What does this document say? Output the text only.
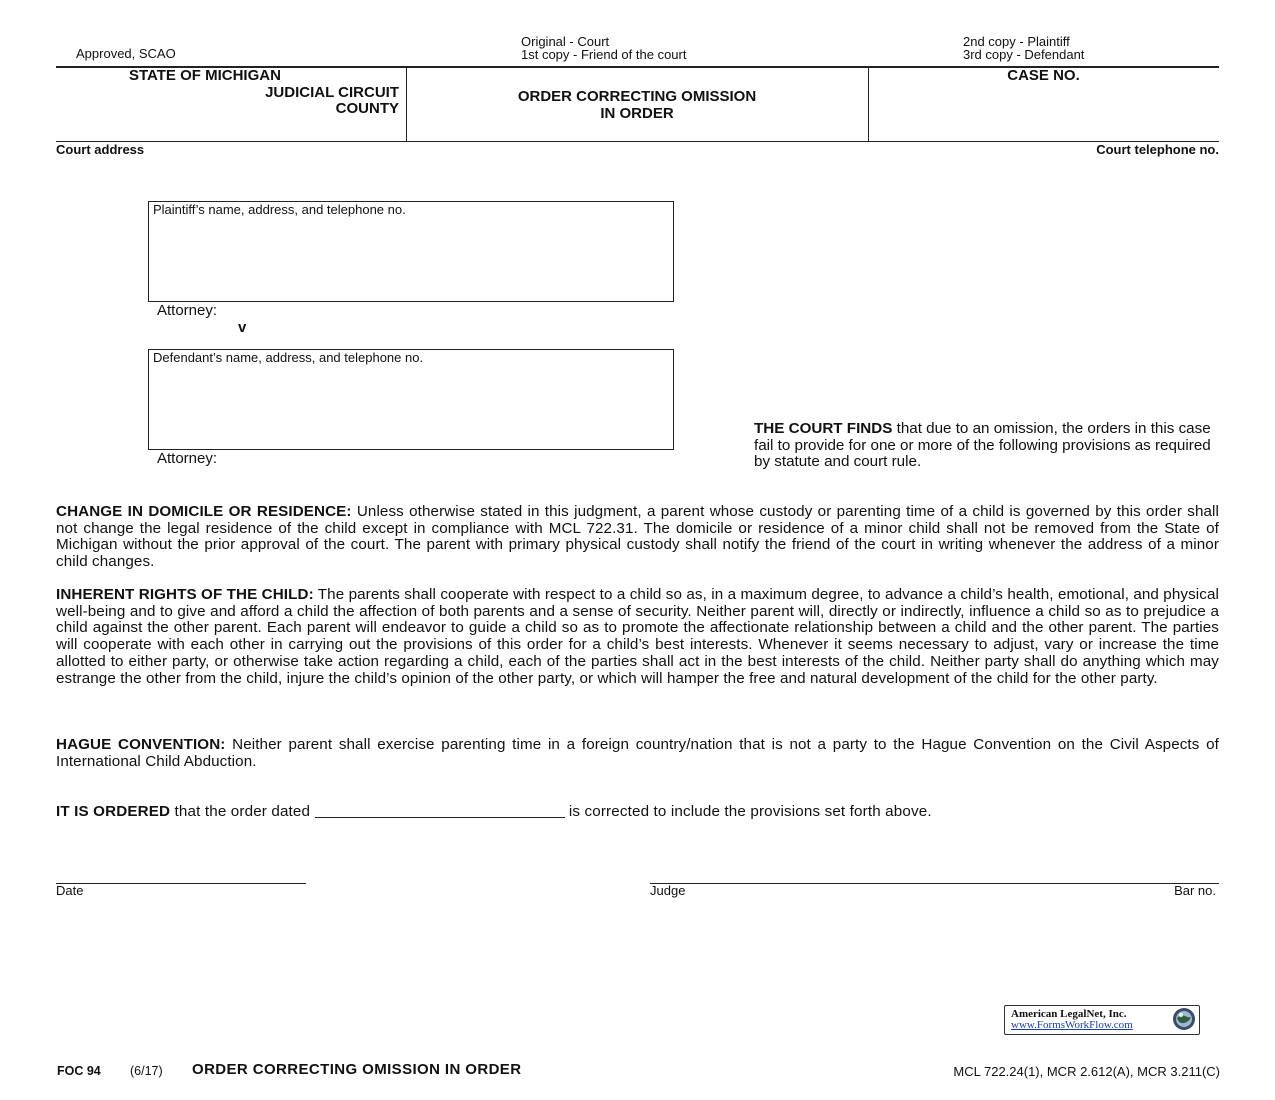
Approved, SCAO
Original - Court
1st copy - Friend of the court
2nd copy - Plaintiff
3rd copy - Defendant
STATE OF MICHIGAN
JUDICIAL CIRCUIT
COUNTY
ORDER CORRECTING OMISSION
IN ORDER
CASE NO.
Court address	Court telephone no.
Plaintiff’s name, address, and telephone no.
Attorney:
v
Defendant’s name, address, and telephone no.
Attorney:
THE COURT FINDS that due to an omission, the orders in this case fail to provide for one or more of the following provisions as required by statute and court rule.
CHANGE IN DOMICILE OR RESIDENCE: Unless otherwise stated in this judgment, a parent whose custody or parenting time of a child is governed by this order shall not change the legal residence of the child except in compliance with MCL 722.31. The domicile or residence of a minor child shall not be removed from the State of Michigan without the prior approval of the court. The parent with primary physical custody shall notify the friend of the court in writing whenever the address of a minor child changes.
INHERENT RIGHTS OF THE CHILD: The parents shall cooperate with respect to a child so as, in a maximum degree, to advance a child’s health, emotional, and physical well-being and to give and afford a child the affection of both parents and a sense of security. Neither parent will, directly or indirectly, influence a child so as to prejudice a child against the other parent. Each parent will endeavor to guide a child so as to promote the affectionate relationship between a child and the other parent. The parties will cooperate with each other in carrying out the provisions of this order for a child’s best interests. Whenever it seems necessary to adjust, vary or increase the time allotted to either party, or otherwise take action regarding a child, each of the parties shall act in the best interests of the child. Neither party shall do anything which may estrange the other from the child, injure the child’s opinion of the other party, or which will hamper the free and natural development of the child for the other party.
HAGUE CONVENTION: Neither parent shall exercise parenting time in a foreign country/nation that is not a party to the Hague Convention on the Civil Aspects of International Child Abduction.
IT IS ORDERED that the order dated	is corrected to include the provisions set forth above.
Date	Judge	Bar no.
American LegalNet, Inc.
www.FormsWorkFlow.com
FOC 94 (6/17) ORDER CORRECTING OMISSION IN ORDER	MCL 722.24(1), MCR 2.612(A), MCR 3.211(C)
